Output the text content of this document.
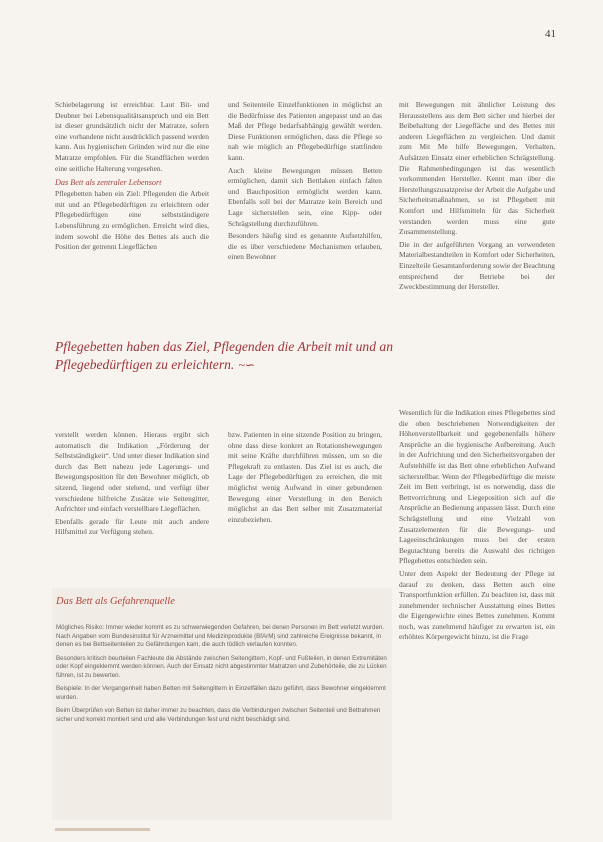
41

Schiebelagerung ist erreichbar. Laut Bit- und Deubner bei Lebensqualitätsanspruch und ein Bett ist dieser grundsätzlich nicht der Matratze, sofern eine vorhandene nicht ausdrücklich passend werden kann. Aus hygienischen Gründen wird nur die eine Matratze empfohlen. Für die Standflächen werden eine seitliche Halterung vorgesehen.

Das Bett als zentraler Lebensort

Pflegebetten haben ein Ziel: Pflegenden die Arbeit mit und an Pflegebedürftigen zu erleichtern oder Pflegebedürftigen eine selbstständigere Lebensführung zu ermöglichen. Erreicht wird dies, indem sowohl die Höhe des Bettes als auch die Position der getrennt Liegeflächen

und Seitenteile Einzelfunktionen in möglichst an die Bedürfnisse des Patienten angepasst und an das Maß der Pflege bedarfsabhängig gewählt werden. Diese Funktionen ermöglichen, dass die Pflege so nah wie möglich an Pflegebedürftige stattfinden kann.

Auch kleine Bewegungen müssen Betten ermöglichen, damit sich Bettlaken einfach falten und Bauchposition ermöglicht werden kann. Ebenfalls soll bei der Matratze kein Bereich und Lage sicherstellen sein, eine Kipp- oder Schrägstellung durchzuführen.

Besonders häufig sind es genannte Aufsetzhilfen, die es über verschiedene Mechanismen erlauben, einen Bewohner

mit Bewegungen mit ähnlicher Leistung des Herausstellens aus dem Bett sicher und hierbei der Beibehaltung der Liegefläche und des Bettes mit anderen Liegeflächen zu vergleichen. Und damit zum Mit Me hilfe Bewegungen, Verhalten, Aufsätzen Einsatz einer erheblichen Schrägstellung. Die Rahmenbedingungen ist das wesentlich vorkommenden Hersteller. Kennt man über die Herstellungszusatzpreise der Arbeit die Aufgabe und Sicherheitsmaßnahmen, so ist Pflegebett mit Komfort und Hilfsmitteln für das Sicherheit verstanden werden muss eine gute Zusammenstellung.

Die in der aufgeführten Vorgang an verwendeten Materialbestandteilen in Komfort oder Sicherheiten, Einzelteile Gesamtanforderung sowie der Beachtung entsprechend der Betriebe bei der Zweckbestimmung der Hersteller.

Pflegebetten haben das Ziel, Pflegenden die Arbeit mit und an Pflegebedürftigen zu erleichtern. ~∽

verstellt werden können. Hieraus ergibt sich automatisch die Indikation „Förderung der Selbstständigkeit“. Und unter dieser Indikation sind durch das Bett nahezu jede Lagerungs- und Bewegungsposition für den Bewohner möglich, ob sitzend, liegend oder stehend, und verfügt über verschiedene hilfreiche Zusätze wie Seitengitter, Aufrichter und einfach verstellbare Liegeflächen.

Ebenfalls gerade für Leute mit auch andere Hilfsmittel zur Verfügung stehen.

bzw. Patienten in eine sitzende Position zu bringen, ohne dass diese konkret an Rotationsbewegungen mit seine Kräfte durchführen müssen, um so die Pflegekraft zu entlasten. Das Ziel ist es auch, die Lage der Pflegebedürftigen zu erreichen, die mit möglichst wenig Aufwand in einer gebundenen Bewegung einer Verstellung in den Bereich möglichst an das Bett selber mit Zusatzmaterial einzubeziehen.

Wesentlich für die Indikation eines Pflegebettes sind die oben beschriebenen Notwendigkeiten der Höhenverstellbarkeit und gegebenenfalls höhere Ansprüche an die hygienische Aufbereitung. Auch in der Aufrichtung und den Sicherheitsvorgaben der Aufstehhilfe ist das Bett ohne erheblichen Aufwand sicherstellbar. Wenn der Pflegebedürftige die meiste Zeit im Bett verbringt, ist es notwendig, dass die Bettvorrichtung und Liegeposition sich auf die Ansprüche an Bedienung anpassen lässt. Durch eine Schrägstellung und eine Vielzahl von Zusatzelementen für die Bewegungs- und Lageeinschränkungen muss bei der ersten Begutachtung bereits die Auswahl des richtigen Pflegebettes entschieden sein.

Unter dem Aspekt der Bedeutung der Pflege ist darauf zu denken, dass Betten auch eine Transportfunktion erfüllen. Zu beachten ist, dass mit zunehmender technischer Ausstattung eines Bettes die Eigengewichte eines Bettes zunehmen. Kommt noch, was zunehmend häufiger zu erwarten ist, ein erhöhtes Körpergewicht hinzu, ist die Frage

Das Bett als Gefahrenquelle

Mögliches Risiko: Immer wieder kommt es zu schwerwiegenden Gefahren, bei denen Personen im Bett verletzt wurden. Nach Angaben vom Bundesinstitut für Arzneimittel und Medizinprodukte (BfArM) sind zahlreiche Ereignisse bekannt, in denen es bei Bettseitenteilen zu Gefährdungen kam, die auch tödlich verlaufen konnten.

Besonders kritisch beurteilen Fachleute die Abstände zwischen Seitengittern, Kopf- und Fußteilen, in denen Extremitäten oder Kopf eingeklemmt werden können. Auch der Einsatz nicht abgestimmter Matratzen und Zubehörteile, die zu Lücken führen, ist zu bewerten.

Beispiele: In der Vergangenheit haben Betten mit Seitengittern in Einzelfällen dazu geführt, dass Bewohner eingeklemmt wurden.

Beim Überprüfen von Betten ist daher immer zu beachten, dass die Verbindungen zwischen Seitenteil und Bettrahmen sicher und korrekt montiert sind und alle Verbindungen fest und nicht beschädigt sind.
